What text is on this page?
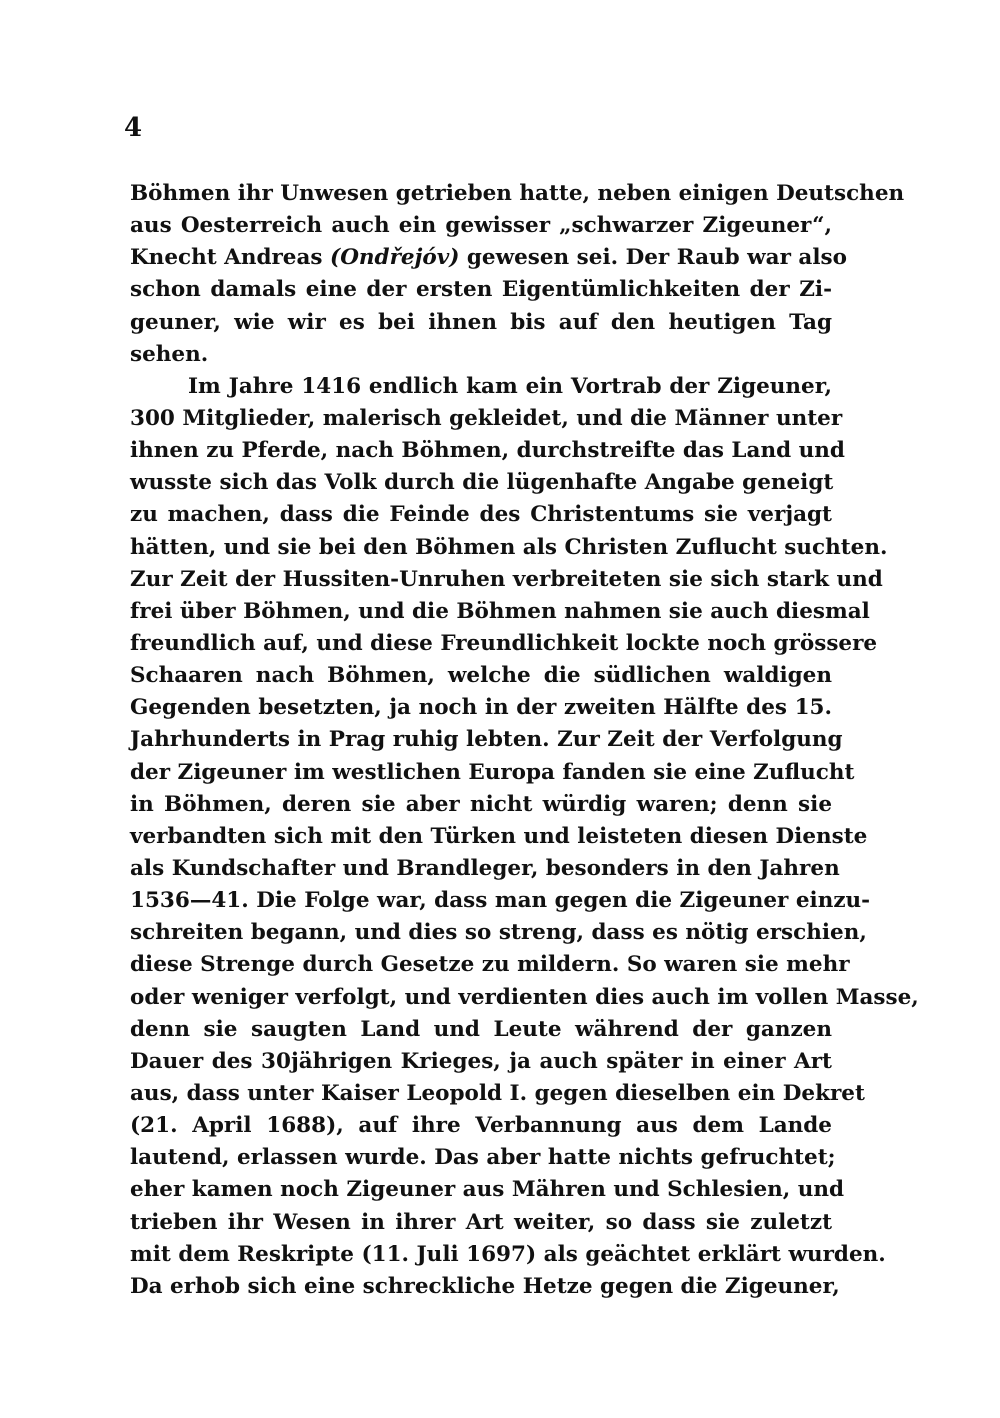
4
Böhmen ihr Unwesen getrieben hatte, neben einigen Deutschen
aus Oesterreich auch ein gewisser „schwarzer Zigeuner“,
Knecht Andreas (Ondřejóv) gewesen sei. Der Raub war also
schon damals eine der ersten Eigentümlichkeiten der Zi-
geuner, wie wir es bei ihnen bis auf den heutigen Tag
sehen.
Im Jahre 1416 endlich kam ein Vortrab der Zigeuner,
300 Mitglieder, malerisch gekleidet, und die Männer unter
ihnen zu Pferde, nach Böhmen, durchstreifte das Land und
wusste sich das Volk durch die lügenhafte Angabe geneigt
zu machen, dass die Feinde des Christentums sie verjagt
hätten, und sie bei den Böhmen als Christen Zuflucht suchten.
Zur Zeit der Hussiten-Unruhen verbreiteten sie sich stark und
frei über Böhmen, und die Böhmen nahmen sie auch diesmal
freundlich auf, und diese Freundlichkeit lockte noch grössere
Schaaren nach Böhmen, welche die südlichen waldigen
Gegenden besetzten, ja noch in der zweiten Hälfte des 15.
Jahrhunderts in Prag ruhig lebten. Zur Zeit der Verfolgung
der Zigeuner im westlichen Europa fanden sie eine Zuflucht
in Böhmen, deren sie aber nicht würdig waren; denn sie
verbandten sich mit den Türken und leisteten diesen Dienste
als Kundschafter und Brandleger, besonders in den Jahren
1536—41. Die Folge war, dass man gegen die Zigeuner einzu-
schreiten begann, und dies so streng, dass es nötig erschien,
diese Strenge durch Gesetze zu mildern. So waren sie mehr
oder weniger verfolgt, und verdienten dies auch im vollen Masse,
denn sie saugten Land und Leute während der ganzen
Dauer des 30jährigen Krieges, ja auch später in einer Art
aus, dass unter Kaiser Leopold I. gegen dieselben ein Dekret
(21. April 1688), auf ihre Verbannung aus dem Lande
lautend, erlassen wurde. Das aber hatte nichts gefruchtet;
eher kamen noch Zigeuner aus Mähren und Schlesien, und
trieben ihr Wesen in ihrer Art weiter, so dass sie zuletzt
mit dem Reskripte (11. Juli 1697) als geächtet erklärt wurden.
Da erhob sich eine schreckliche Hetze gegen die Zigeuner,
